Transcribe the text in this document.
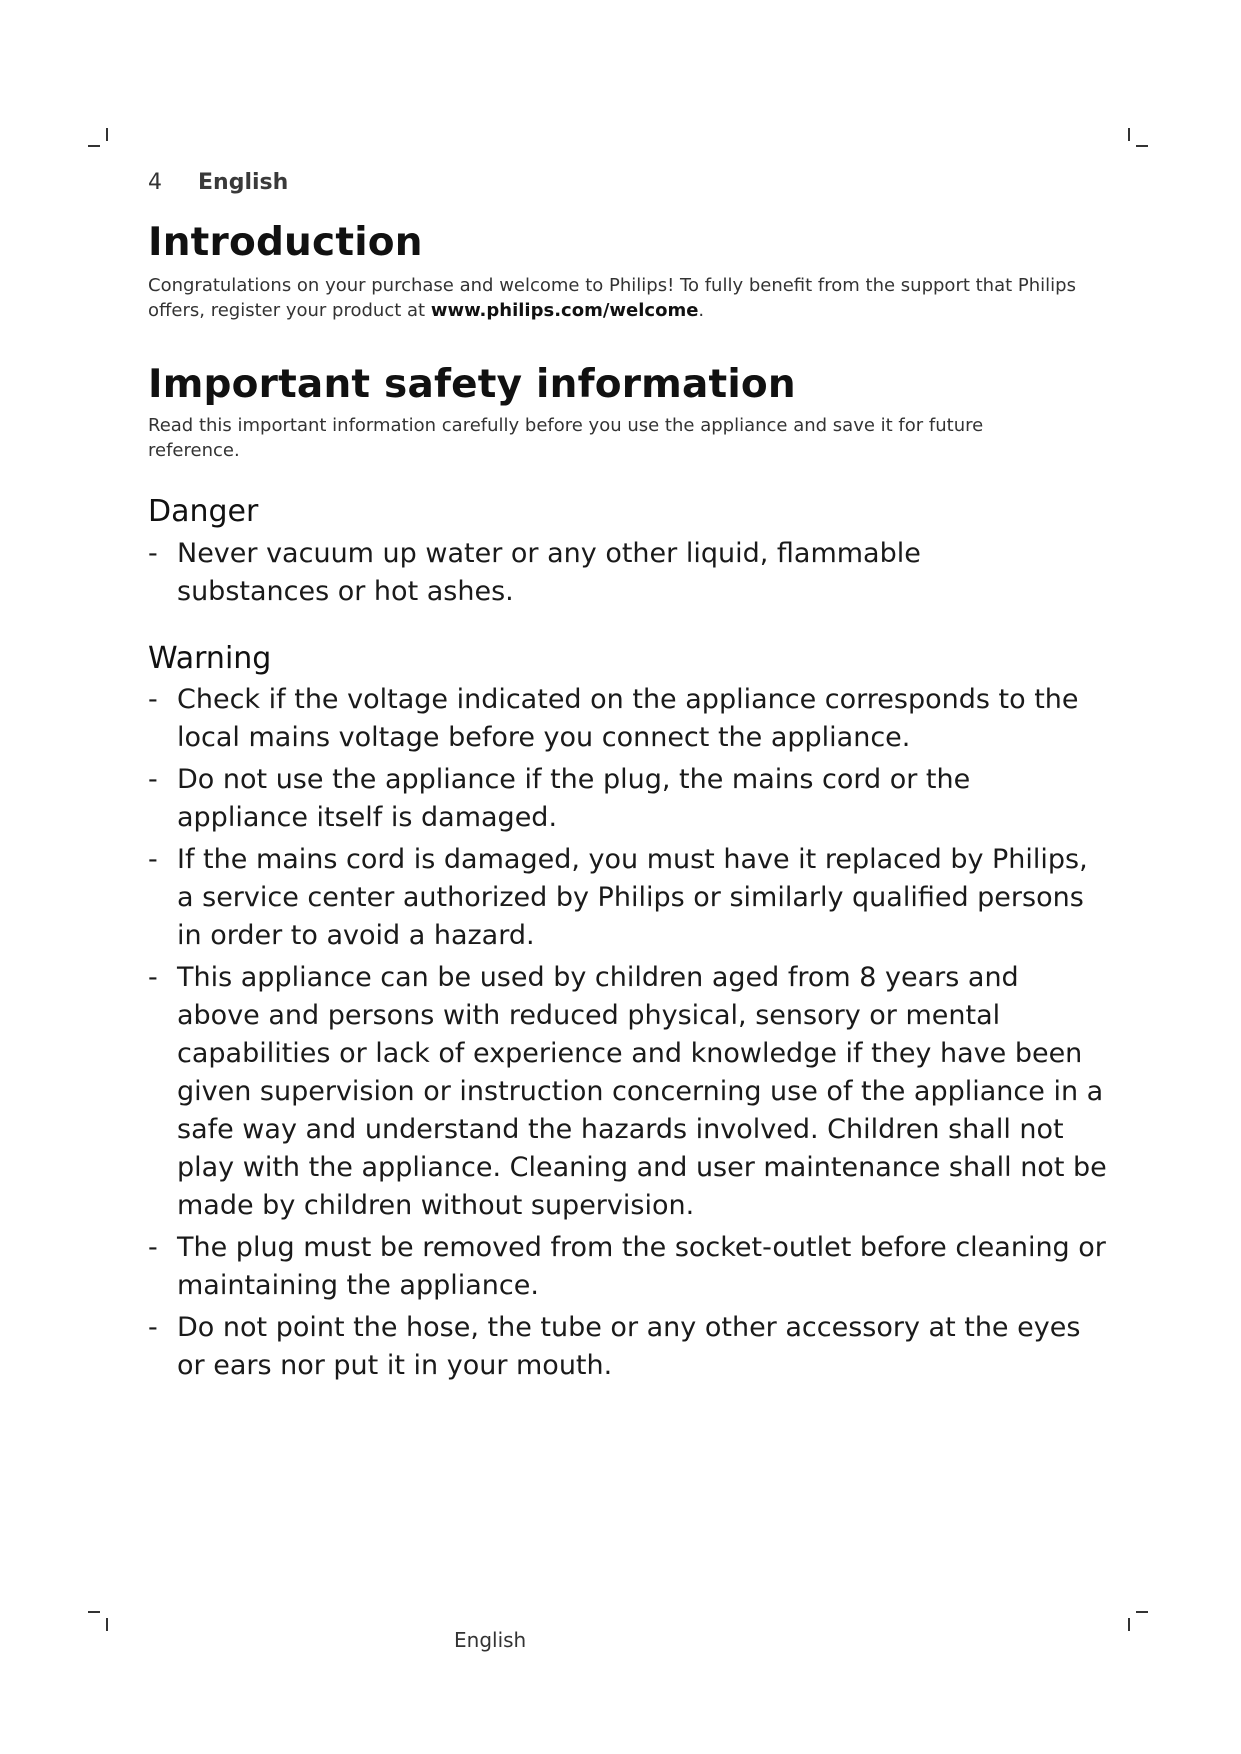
4 English
Introduction

Congratulations on your purchase and welcome to Philips! To fully benefit from the support that Philips offers, register your product at www.philips.com/welcome.

Important safety information

Read this important information carefully before you use the appliance and save it for future reference.

Danger
- Never vacuum up water or any other liquid, flammable substances or hot ashes.
Warning
- Check if the voltage indicated on the appliance corresponds to the local mains voltage before you connect the appliance.
- Do not use the appliance if the plug, the mains cord or the appliance itself is damaged.
- If the mains cord is damaged, you must have it replaced by Philips, a service center authorized by Philips or similarly qualified persons in order to avoid a hazard.
- This appliance can be used by children aged from 8 years and above and persons with reduced physical, sensory or mental capabilities or lack of experience and knowledge if they have been given supervision or instruction concerning use of the appliance in a safe way and understand the hazards involved. Children shall not play with the appliance. Cleaning and user maintenance shall not be made by children without supervision.
- The plug must be removed from the socket-outlet before cleaning or maintaining the appliance.
- Do not point the hose, the tube or any other accessory at the eyes or ears nor put it in your mouth.
English
